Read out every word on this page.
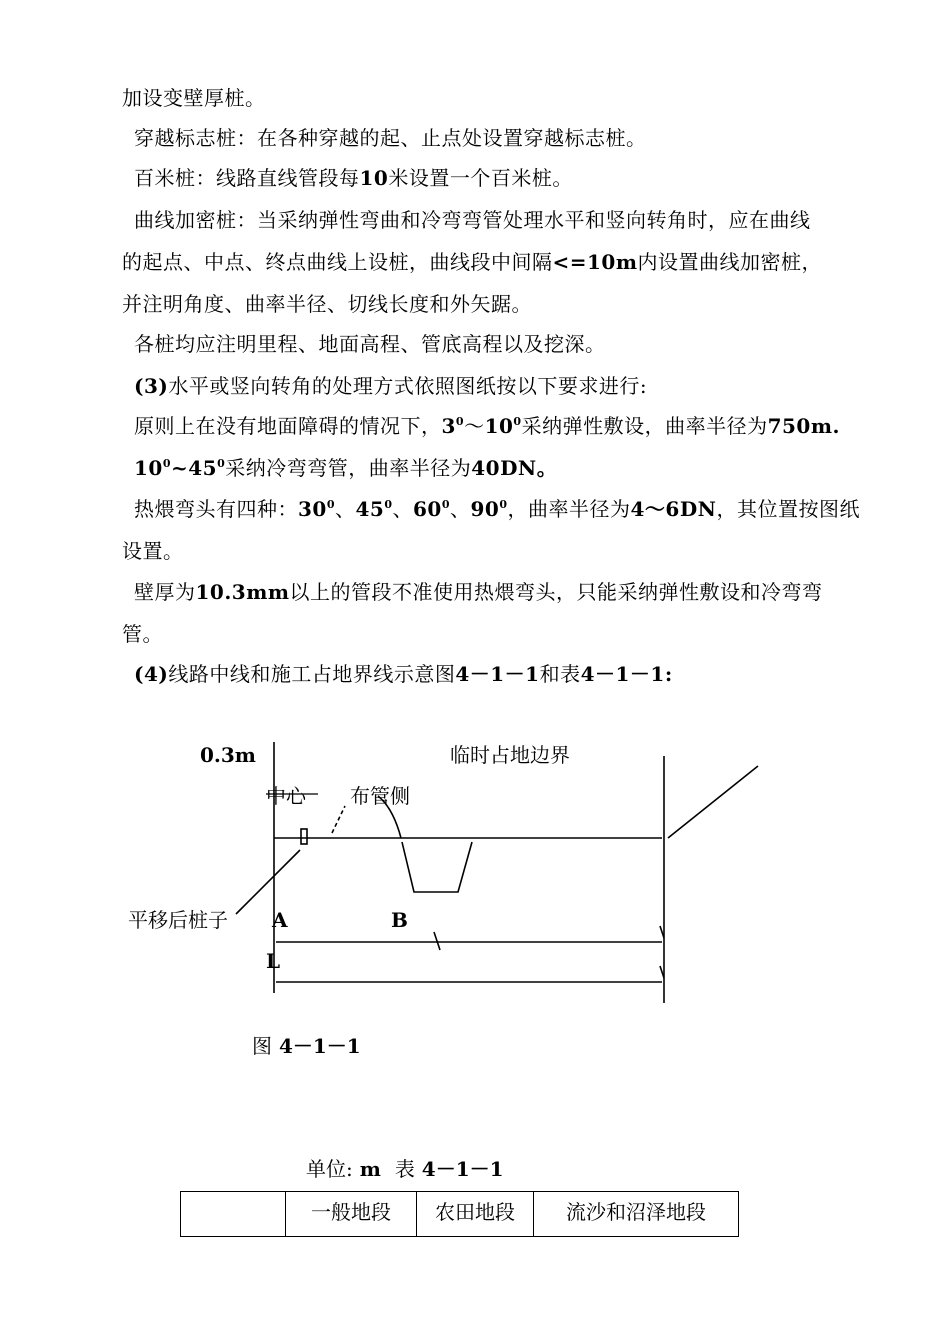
加设变壁厚桩。
穿越标志桩：在各种穿越的起、止点处设置穿越标志桩。
百米桩：线路直线管段每10米设置一个百米桩。
曲线加密桩：当采纳弹性弯曲和冷弯弯管处理水平和竖向转角时，应在曲线
的起点、中点、终点曲线上设桩，曲线段中间隔<=10m内设置曲线加密桩，
并注明角度、曲率半径、切线长度和外矢踞。
各桩均应注明里程、地面高程、管底高程以及挖深。
(3)水平或竖向转角的处理方式依照图纸按以下要求进行:
原则上在没有地面障碍的情况下，$3^0\sim 10^0$采纳弹性敷设，曲率半径为750m.
$10^0\sim 45^0$采纳冷弯弯管，曲率半径为40DN。
热煨弯头有四种：$30^0$、$45^0$、$60^0$、$90^0$，曲率半径为4～6DN，其位置按图纸
设置。
壁厚为10.3mm以上的管段不准使用热煨弯头，只能采纳弹性敷设和冷弯弯
管。
(4)线路中线和施工占地界线示意图4－1－1和表4－1－1:
0.3m	临时占地边界
中心 布管侧
平移后桩子 A	B
L
图 4－1－1
单位: m 表 4－1－1
	一般地段	农田地段	流沙和沼泽地段
